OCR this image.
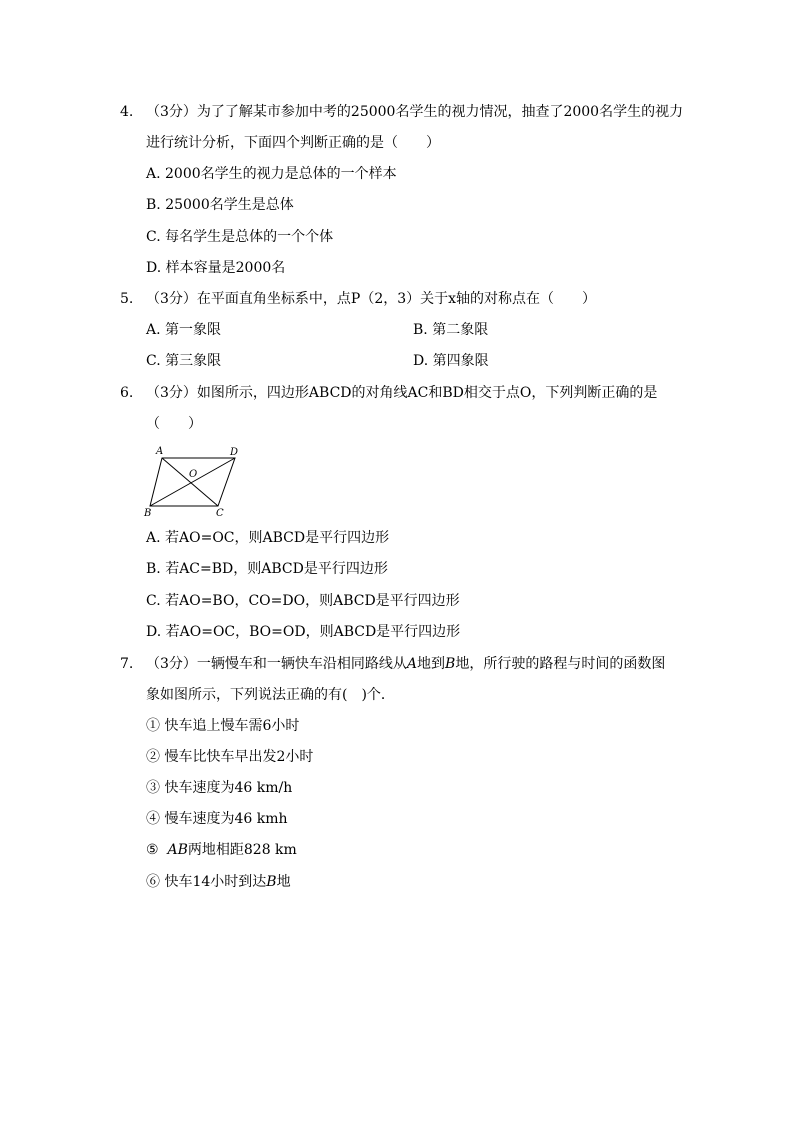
4. （3分）为了了解某市参加中考的25000名学生的视力情况，抽查了2000名学生的视力
进行统计分析，下面四个判断正确的是（　　）
A. 2000名学生的视力是总体的一个样本
B. 25000名学生是总体
C. 每名学生是总体的一个个体
D. 样本容量是2000名
5. （3分）在平面直角坐标系中，点P（2，3）关于x轴的对称点在（　　）
A. 第一象限	B. 第二象限
C. 第三象限	D. 第四象限
6. （3分）如图所示，四边形ABCD的对角线AC和BD相交于点O，下列判断正确的是
（　　）
A	D
O
B	C
A. 若AO=OC，则ABCD是平行四边形
B. 若AC=BD，则ABCD是平行四边形
C. 若AO=BO，CO=DO，则ABCD是平行四边形
D. 若AO=OC，BO=OD，则ABCD是平行四边形
7. （3分）一辆慢车和一辆快车沿相同路线从A地到B地，所行驶的路程与时间的函数图
象如图所示，下列说法正确的有(　)个．
① 快车追上慢车需6小时
② 慢车比快车早出发2小时
③ 快车速度为46 km/h
④ 慢车速度为46 kmh
⑤ AB两地相距828 km
⑥ 快车14小时到达B地
